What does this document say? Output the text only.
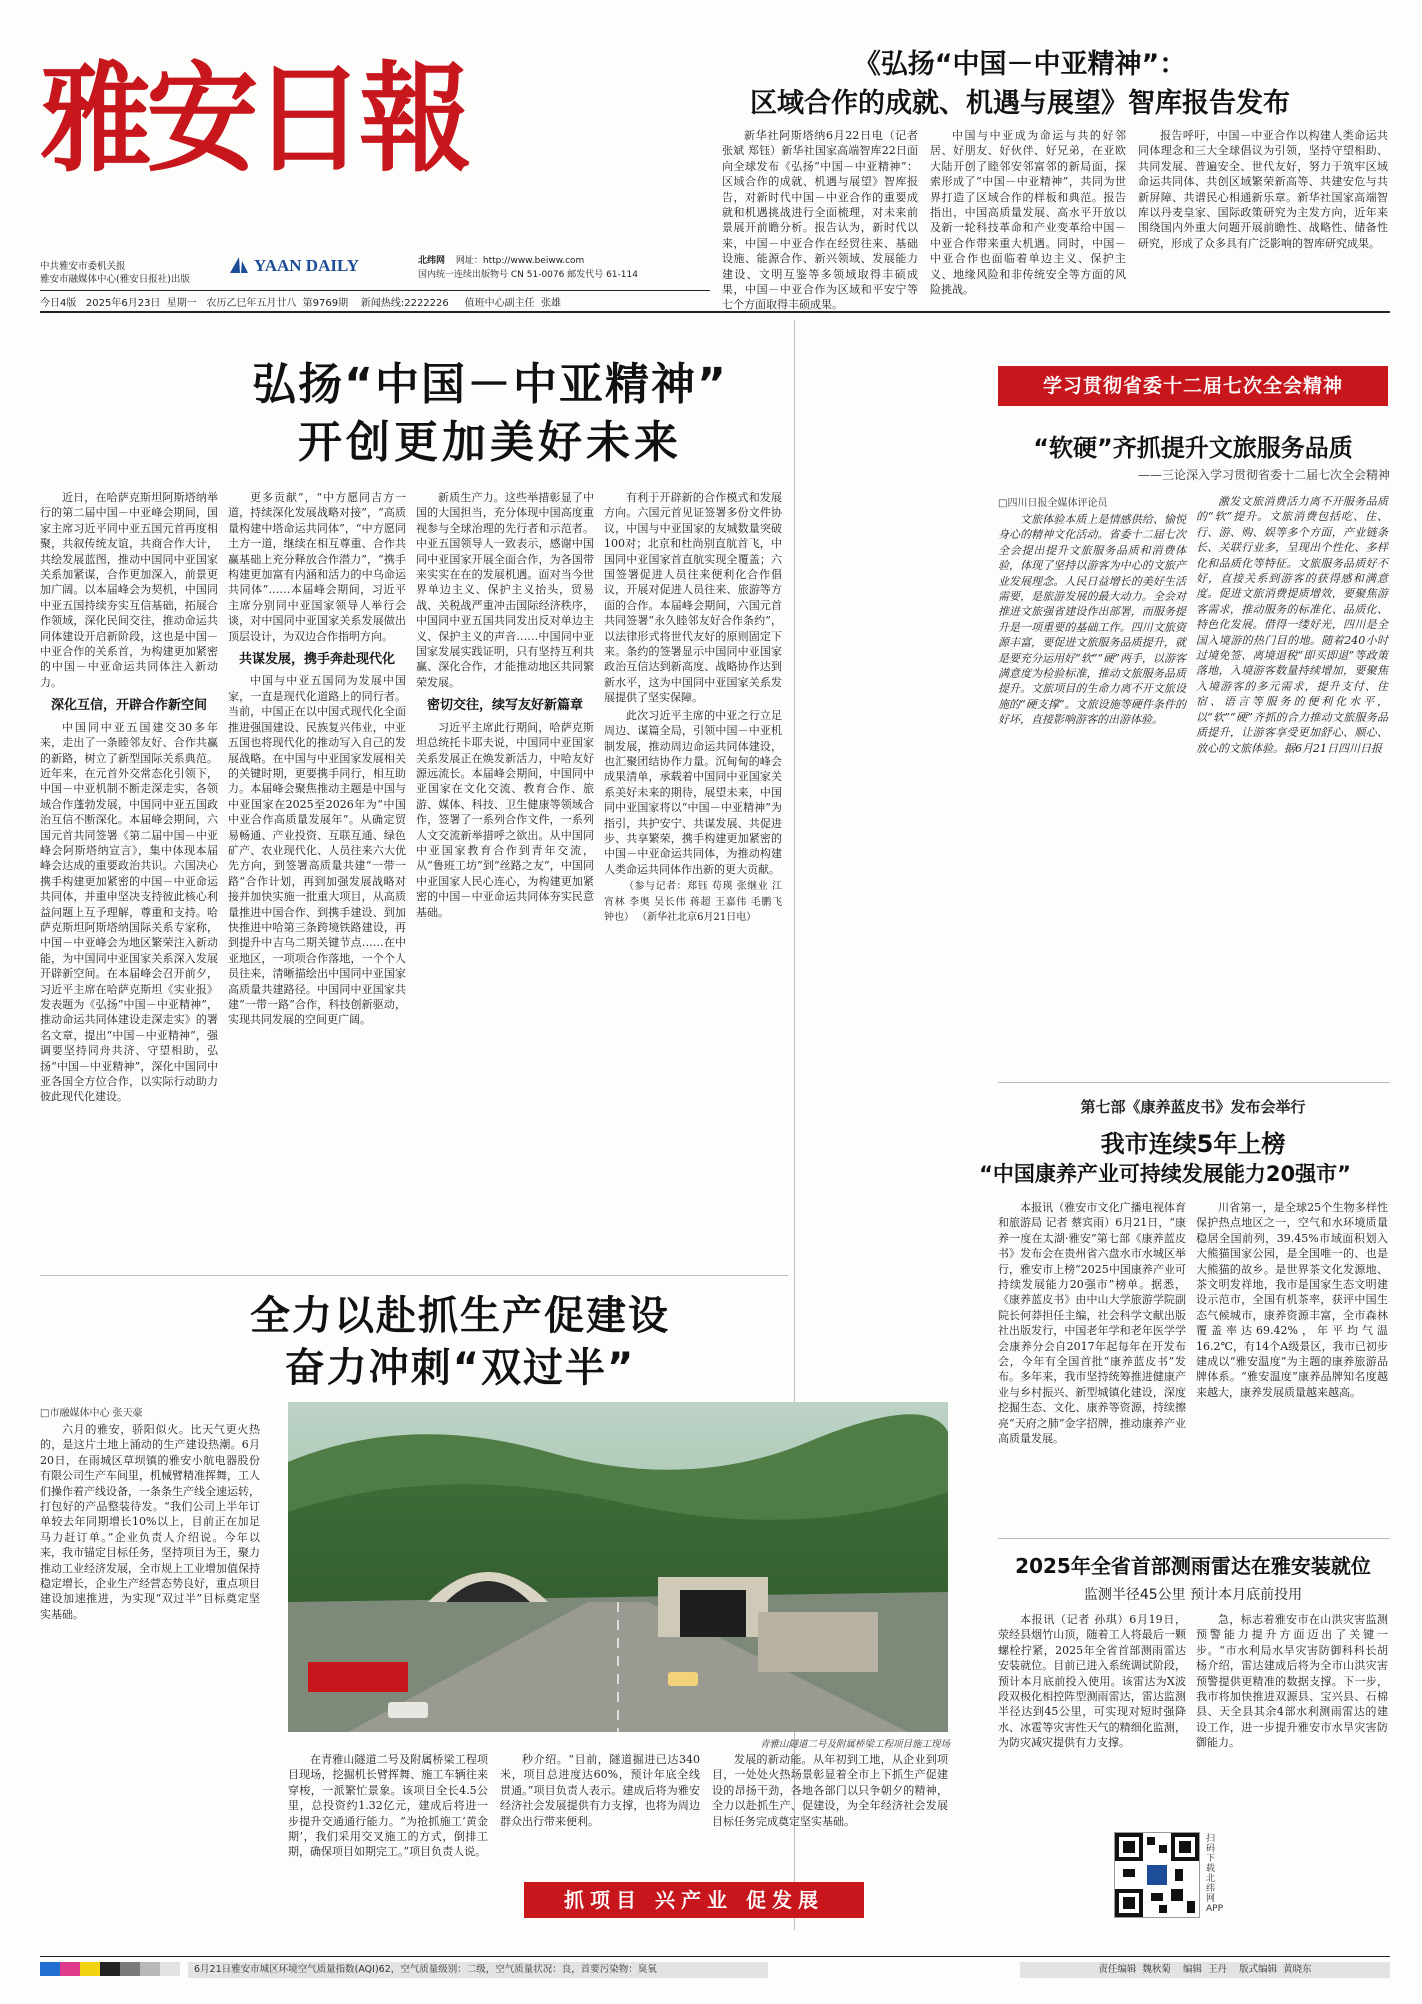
雅安日報
中共雅安市委机关报
雅安市融媒体中心(雅安日报社)出版
YAAN DAILY	北纬网 网址：http://www.beiww.com
国内统一连续出版物号 CN 51-0076 邮发代号 61-114
今日4版   2025年6月23日  星期一   农历乙巳年五月廿八  第9769期    新闻热线:2222226     值班中心副主任  张雄
《弘扬“中国－中亚精神”：
区域合作的成就、机遇与展望》智库报告发布

新华社阿斯塔纳6月22日电（记者张斌 郑钰）新华社国家高端智库22日面向全球发布《弘扬“中国－中亚精神”：区域合作的成就、机遇与展望》智库报告，对新时代中国－中亚合作的重要成就和机遇挑战进行全面梳理，对未来前景展开前瞻分析。报告认为，新时代以来，中国－中亚合作在经贸往来、基础设施、能源合作、新兴领域、发展能力建设、文明互鉴等多领域取得丰硕成果，中国－中亚合作为区域和平安宁等七个方面取得丰硕成果。

中国与中亚成为命运与共的好邻居、好朋友、好伙伴、好兄弟，在亚欧大陆开创了睦邻安邻富邻的新局面，探索形成了“中国－中亚精神”，共同为世界打造了区域合作的样板和典范。报告指出，中国高质量发展、高水平开放以及新一轮科技革命和产业变革给中国－中亚合作带来重大机遇。同时，中国－中亚合作也面临着单边主义、保护主义、地缘风险和非传统安全等方面的风险挑战。

报告呼吁，中国－中亚合作以构建人类命运共同体理念和三大全球倡议为引领，坚持守望相助、共同发展、普遍安全、世代友好，努力于筑牢区域命运共同体、共创区域繁荣新高等、共建安危与共新屏障、共谱民心相通新乐章。新华社国家高端智库以丹麦皇家、国际政策研究为主发方向，近年来围绕国内外重大问题开展前瞻性、战略性、储备性研究，形成了众多具有广泛影响的智库研究成果。

弘扬“中国－中亚精神”
开创更加美好未来

近日，在哈萨克斯坦阿斯塔纳举行的第二届中国－中亚峰会期间，国家主席习近平同中亚五国元首再度相聚，共叙传统友谊，共商合作大计，共绘发展蓝图，推动中国同中亚国家关系加紧谋，合作更加深入，前景更加广阔。以本届峰会为契机，中国同中亚五国持续夯实互信基础，拓展合作领域，深化民间交往，推动命运共同体建设开启新阶段，这也是中国－中亚合作的关系首，为构建更加紧密的中国－中亚命运共同体注入新动力。

深化互信，开辟合作新空间

中国同中亚五国建交30多年来，走出了一条睦邻友好、合作共赢的新路，树立了新型国际关系典范。近年来，在元首外交常态化引领下，中国－中亚机制不断走深走实，各领域合作蓬勃发展，中国同中亚五国政治互信不断深化。本届峰会期间，六国元首共同签署《第二届中国－中亚峰会阿斯塔纳宣言》，集中体现本届峰会达成的重要政治共识。六国决心携手构建更加紧密的中国－中亚命运共同体，并重申坚决支持彼此核心利益问题上互予理解，尊重和支持。哈萨克斯坦阿斯塔纳国际关系专家称，中国－中亚峰会为地区繁荣注入新动能，为中国同中亚国家关系深入发展开辟新空间。在本届峰会召开前夕，习近平主席在哈萨克斯坦《实业报》发表题为《弘扬“中国－中亚精神”，推动命运共同体建设走深走实》的署名文章，提出“中国－中亚精神”，强调要坚持同舟共济、守望相助，弘扬“中国－中亚精神”，深化中国同中亚各国全方位合作，以实际行动助力彼此现代化建设。

更多贡献”，“中方愿同吉方一道，持续深化发展战略对接”，“高质量构建中塔命运共同体”，“中方愿同土方一道，继续在相互尊重、合作共赢基础上充分释放合作潜力”，“携手构建更加富有内涵和活力的中乌命运共同体”……本届峰会期间，习近平主席分别同中亚国家领导人举行会谈，对中国同中亚国家关系发展做出顶层设计，为双边合作指明方向。

共谋发展，携手奔赴现代化

中国与中亚五国同为发展中国家，一直是现代化道路上的同行者。当前，中国正在以中国式现代化全面推进强国建设、民族复兴伟业，中亚五国也将现代化的推动写入自己的发展战略。在中国与中亚国家发展相关的关键时期，更要携手同行，相互助力。本届峰会聚焦推动主题是中国与中亚国家在2025至2026年为“中国中亚合作高质量发展年”。从确定贸易畅通、产业投资、互联互通、绿色矿产、农业现代化、人员往来六大优先方向，到签署高质量共建“一带一路”合作计划，再到加强发展战略对接并加快实施一批重大项目，从高质量推进中国合作、到携手建设、到加快推进中哈第三条跨境铁路建设，再到提升中吉乌二期关键节点……在中亚地区，一项项合作落地，一个个人员往来，清晰描绘出中国同中亚国家高质量共建路径。中国同中亚国家共建“一带一路”合作，科技创新驱动，实现共同发展的空间更广阔。

新质生产力。这些举措彰显了中国的大国担当，充分体现中国高度重视参与全球治理的先行者和示范者。中亚五国领导人一致表示，感谢中国同中亚国家开展全面合作，为各国带来实实在在的发展机遇。面对当今世界单边主义、保护主义抬头，贸易战、关税战严重冲击国际经济秩序，中国同中亚五国共同发出反对单边主义、保护主义的声音……中国同中亚国家发展实践证明，只有坚持互利共赢、深化合作，才能推动地区共同繁荣发展。

密切交往，续写友好新篇章

习近平主席此行期间，哈萨克斯坦总统托卡耶夫说，中国同中亚国家关系发展正在焕发新活力，中哈友好源远流长。本届峰会期间，中国同中亚国家在文化交流、教育合作、旅游、媒体、科技、卫生健康等领域合作，签署了一系列合作文件，一系列人文交流新举措呼之欲出。从中国同中亚国家教育合作到青年交流，从“鲁班工坊”到“丝路之友”，中国同中亚国家人民心连心，为构建更加紧密的中国－中亚命运共同体夯实民意基础。

有利于开辟新的合作模式和发展方向。六国元首见证签署多份文件协议，中国与中亚国家的友城数量突破100对；北京和杜尚别直航首飞，中国同中亚国家首直航实现全覆盖；六国签署促进人员往来便利化合作倡议，开展对促进人员往来、旅游等方面的合作。本届峰会期间，六国元首共同签署“永久睦邻友好合作条约”，以法律形式将世代友好的原则固定下来。条约的签署显示中国同中亚国家政治互信达到新高度、战略协作达到新水平，这为中国同中亚国家关系发展提供了坚实保障。

此次习近平主席的中亚之行立足周边、谋篇全局，引领中国－中亚机制发展，推动周边命运共同体建设，也汇聚团结协作力量。沉甸甸的峰会成果清单，承载着中国同中亚国家关系美好未来的期待，展望未来，中国同中亚国家将以“中国－中亚精神”为指引，共护安宁、共谋发展、共促进步、共享繁荣，携手构建更加紧密的中国－中亚命运共同体，为推动构建人类命运共同体作出新的更大贡献。

（参与记者：郑钰 苟瑛 张继业 江宵林 李奥 吴长伟 蒋超 王嘉伟 毛鹏飞 钟也） （新华社北京6月21日电）

学习贯彻省委十二届七次全会精神
“软硬”齐抓提升文旅服务品质
——三论深入学习贯彻省委十二届七次全会精神
□四川日报全媒体评论员

文旅体验本质上是情感供给、愉悦身心的精神文化活动。省委十二届七次全会提出提升文旅服务品质和消费体验，体现了坚持以游客为中心的文旅产业发展理念。人民日益增长的美好生活需要，是旅游发展的最大动力。全会对推进文旅强省建设作出部署，而服务提升是一项重要的基础工作。四川文旅资源丰富，要促进文旅服务品质提升，就是要充分运用好“软”“硬”两手，以游客满意度为检验标准，推动文旅服务品质提升。文旅项目的生命力离不开文旅设施的“硬支撑”。文旅设施等硬件条件的好坏，直接影响游客的出游体验。

激发文旅消费活力离不开服务品质的“软”提升。文旅消费包括吃、住、行、游、购、娱等多个方面，产业链条长、关联行业多，呈现出个性化、多样化和品质化等特征。文旅服务品质好不好，直接关系到游客的获得感和满意度。促进文旅消费提质增效，要聚焦游客需求，推动服务的标准化、品质化、特色化发展。借得一缕好光，四川是全国入境游的热门目的地。随着240小时过境免签、离境退税“即买即退”等政策落地，入境游客数量持续增加，要聚焦入境游客的多元需求，提升支付、住宿、语言等服务的便利化水平，以“软”“硬”齐抓的合力推动文旅服务品质提升，让游客享受更加舒心、顺心、放心的文旅体验。据6月21日四川日报

第七部《康养蓝皮书》发布会举行
我市连续5年上榜
“中国康养产业可持续发展能力20强市”

本报讯（雅安市文化广播电视体育和旅游局 记者 蔡宾雨）6月21日，“康养一度在太湖·雅安”第七部《康养蓝皮书》发布会在贵州省六盘水市水城区举行，雅安市上榜“2025中国康养产业可持续发展能力20强市”榜单。据悉，《康养蓝皮书》由中山大学旅游学院副院长何莽担任主编，社会科学文献出版社出版发行，中国老年学和老年医学学会康养分会自2017年起每年在开发布会，今年有全国首批“康养蓝皮书”发布。多年来，我市坚持统筹推进健康产业与乡村振兴、新型城镇化建设，深度挖掘生态、文化、康养等资源，持续擦亮“天府之肺”金字招牌，推动康养产业高质量发展。

川省第一，是全球25个生物多样性保护热点地区之一，空气和水环境质量稳居全国前列，39.45%市域面积划入大熊猫国家公园，是全国唯一的、也是大熊猫的故乡。是世界茶文化发源地、茶文明发祥地，我市是国家生态文明建设示范市，全国有机茶率，获评中国生态气候城市，康养资源丰富，全市森林覆盖率达69.42%，年平均气温16.2℃，有14个A级景区，我市已初步建成以“雅安温度”为主题的康养旅游品牌体系。“雅安温度”康养品牌知名度越来越大，康养发展质量越来越高。

2025年全省首部测雨雷达在雅安装就位
监测半径45公里 预计本月底前投用

本报讯（记者 孙琪）6月19日，荥经县烟竹山顶，随着工人将最后一颗螺栓拧紧，2025年全省首部测雨雷达安装就位。目前已进入系统调试阶段，预计本月底前投入使用。该雷达为X波段双极化相控阵型测雨雷达，雷达监测半径达到45公里，可实现对短时强降水、冰雹等灾害性天气的精细化监测，为防灾减灾提供有力支撑。

急，标志着雅安市在山洪灾害监测预警能力提升方面迈出了关键一步。“市水利局水旱灾害防御科科长胡杨介绍，雷达建成后将为全市山洪灾害预警提供更精准的数据支撑。下一步，我市将加快推进双源县、宝兴县、石棉县、天全县其余4部水利测雨雷达的建设工作，进一步提升雅安市水旱灾害防御能力。

扫码下载北纬网APP
全力以赴抓生产促建设
奋力冲刺“双过半”
□市融媒体中心 张天豪

六月的雅安，骄阳似火。比天气更火热的，是这片土地上涌动的生产建设热潮。6月20日，在雨城区草坝镇的雅安小航电器股份有限公司生产车间里，机械臂精准挥舞，工人们操作着产线设备，一条条生产线全速运转，打包好的产品整装待发。“我们公司上半年订单较去年同期增长10%以上，目前正在加足马力赶订单。”企业负责人介绍说。今年以来，我市锚定目标任务，坚持项目为王，聚力推动工业经济发展，全市规上工业增加值保持稳定增长，企业生产经营态势良好，重点项目建设加速推进，为实现“双过半”目标奠定坚实基础。

青雅山隧道二号及附属桥梁工程项目施工现场

在青雅山隧道二号及附属桥梁工程项目现场，挖掘机长臂挥舞、施工车辆往来穿梭，一派繁忙景象。该项目全长4.5公里，总投资约1.32亿元，建成后将进一步提升交通通行能力。“为抢抓施工‘黄金期’，我们采用交叉施工的方式，倒排工期，确保项目如期完工。”项目负责人说。

秒介绍。“目前，隧道掘进已达340米，项目总进度达60%，预计年底全线贯通。”项目负责人表示。建成后将为雅安经济社会发展提供有力支撑，也将为周边群众出行带来便利。

发展的新动能。从年初到工地，从企业到项目，一处处火热场景彰显着全市上下抓生产促建设的昂扬干劲，各地各部门以只争朝夕的精神，全力以赴抓生产、促建设，为全年经济社会发展目标任务完成奠定坚实基础。

抓项目 兴产业 促发展
6月21日雅安市城区环境空气质量指数(AQI)62，空气质量级别：二级，空气质量状况：良，首要污染物：臭氧	责任编辑  魏秋菊    编辑  王丹    版式编辑  黄晓东
